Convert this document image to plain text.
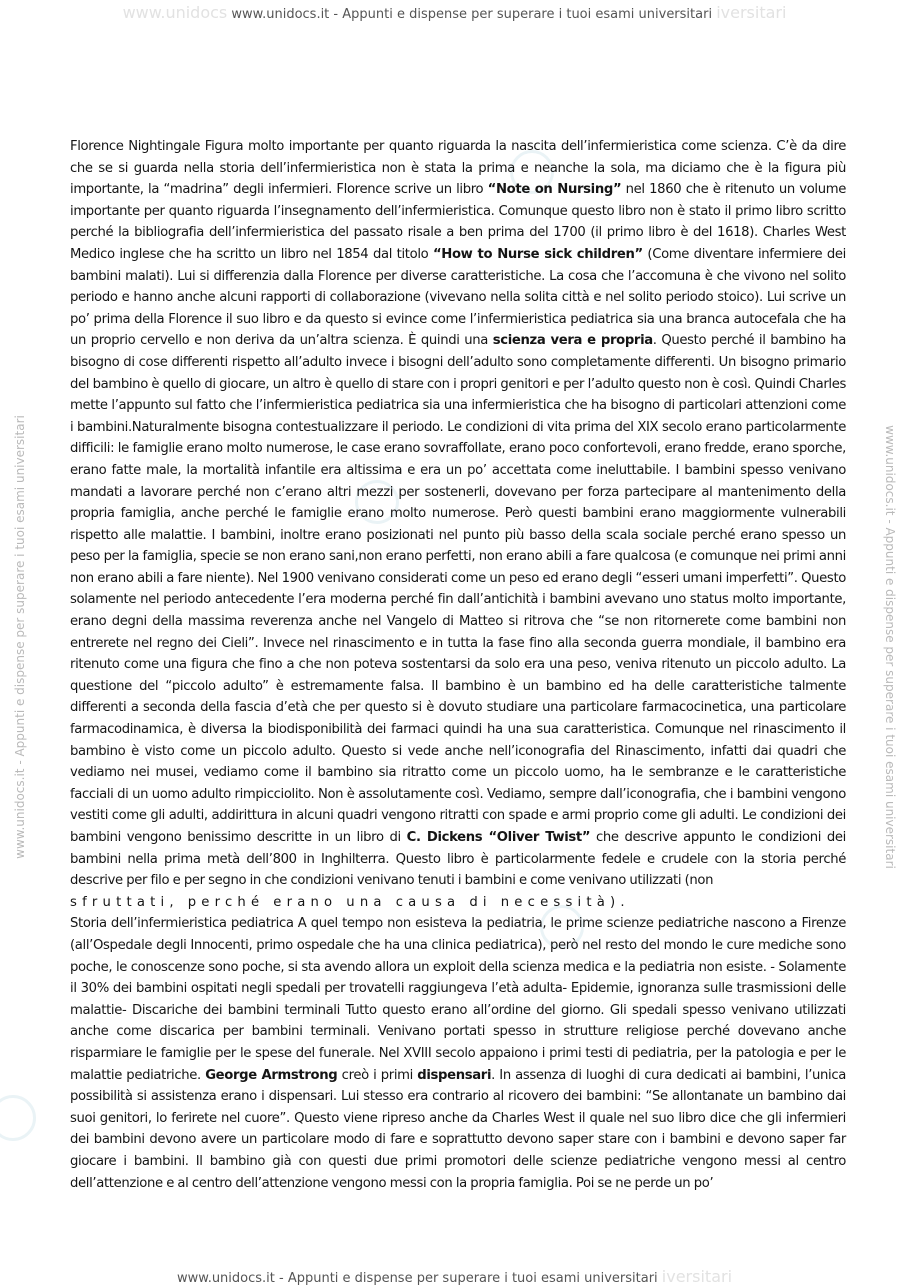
www.unidocs www.unidocs.it - Appunti e dispense per superare i tuoi esami universitari iversitari
www.unidocs.it - Appunti e dispense per superare i tuoi esami universitari	www.unidocs.it - Appunti e dispense per superare i tuoi esami universitari

Florence Nightingale Figura molto importante per quanto riguarda la nascita dell’infermieristica come scienza. C’è da dire che se si guarda nella storia dell’infermieristica non è stata la prima e neanche la sola, ma diciamo che è la figura più importante, la “madrina” degli infermieri. Florence scrive un libro “Note on Nursing” nel 1860 che è ritenuto un volume importante per quanto riguarda l’insegnamento dell’infermieristica. Comunque questo libro non è stato il primo libro scritto perché la bibliografia dell’infermieristica del passato risale a ben prima del 1700 (il primo libro è del 1618). Charles West Medico inglese che ha scritto un libro nel 1854 dal titolo “How to Nurse sick children” (Come diventare infermiere dei bambini malati). Lui si differenzia dalla Florence per diverse caratteristiche. La cosa che l’accomuna è che vivono nel solito periodo e hanno anche alcuni rapporti di collaborazione (vivevano nella solita città e nel solito periodo stoico). Lui scrive un po’ prima della Florence il suo libro e da questo si evince come l’infermieristica pediatrica sia una branca autocefala che ha un proprio cervello e non deriva da un’altra scienza. È quindi una scienza vera e propria. Questo perché il bambino ha bisogno di cose differenti rispetto all’adulto invece i bisogni dell’adulto sono completamente differenti. Un bisogno primario del bambino è quello di giocare, un altro è quello di stare con i propri genitori e per l’adulto questo non è così. Quindi Charles mette l’appunto sul fatto che l’infermieristica pediatrica sia una infermieristica che ha bisogno di particolari attenzioni come i bambini.Naturalmente bisogna contestualizzare il periodo. Le condizioni di vita prima del XIX secolo erano particolarmente difficili: le famiglie erano molto numerose, le case erano sovraffollate, erano poco confortevoli, erano fredde, erano sporche, erano fatte male, la mortalità infantile era altissima e era un po’ accettata come ineluttabile. I bambini spesso venivano mandati a lavorare perché non c’erano altri mezzi per sostenerli, dovevano per forza partecipare al mantenimento della propria famiglia, anche perché le famiglie erano molto numerose. Però questi bambini erano maggiormente vulnerabili rispetto alle malattie. I bambini, inoltre erano posizionati nel punto più basso della scala sociale perché erano spesso un peso per la famiglia, specie se non erano sani,non erano perfetti, non erano abili a fare qualcosa (e comunque nei primi anni non erano abili a fare niente). Nel 1900 venivano considerati come un peso ed erano degli “esseri umani imperfetti”. Questo solamente nel periodo antecedente l’era moderna perché fin dall’antichità i bambini avevano uno status molto importante, erano degni della massima reverenza anche nel Vangelo di Matteo si ritrova che “se non ritornerete come bambini non entrerete nel regno dei Cieli”. Invece nel rinascimento e in tutta la fase fino alla seconda guerra mondiale, il bambino era ritenuto come una figura che fino a che non poteva sostentarsi da solo era una peso, veniva ritenuto un piccolo adulto. La questione del “piccolo adulto” è estremamente falsa. Il bambino è un bambino ed ha delle caratteristiche talmente differenti a seconda della fascia d’età che per questo si è dovuto studiare una particolare farmacocinetica, una particolare farmacodinamica, è diversa la biodisponibilità dei farmaci quindi ha una sua caratteristica. Comunque nel rinascimento il bambino è visto come un piccolo adulto. Questo si vede anche nell’iconografia del Rinascimento, infatti dai quadri che vediamo nei musei, vediamo come il bambino sia ritratto come un piccolo uomo, ha le sembranze e le caratteristiche facciali di un uomo adulto rimpicciolito. Non è assolutamente così. Vediamo, sempre dall’iconografia, che i bambini vengono vestiti come gli adulti, addirittura in alcuni quadri vengono ritratti con spade e armi proprio come gli adulti. Le condizioni dei bambini vengono benissimo descritte in un libro di C. Dickens “Oliver Twist” che descrive appunto le condizioni dei bambini nella prima metà dell’800 in Inghilterra. Questo libro è particolarmente fedele e crudele con la storia perché descrive per filo e per segno in che condizioni venivano tenuti i bambini e come venivano utilizzati (non

sfruttati, perché erano una causa di necessità).

Storia dell’infermieristica pediatrica A quel tempo non esisteva la pediatria, le prime scienze pediatriche nascono a Firenze (all’Ospedale degli Innocenti, primo ospedale che ha una clinica pediatrica), però nel resto del mondo le cure mediche sono poche, le conoscenze sono poche, si sta avendo allora un exploit della scienza medica e la pediatria non esiste. - Solamente il 30% dei bambini ospitati negli spedali per trovatelli raggiungeva l’età adulta- Epidemie, ignoranza sulle trasmissioni delle malattie- Discariche dei bambini terminali Tutto questo erano all’ordine del giorno. Gli spedali spesso venivano utilizzati anche come discarica per bambini terminali. Venivano portati spesso in strutture religiose perché dovevano anche risparmiare le famiglie per le spese del funerale. Nel XVIII secolo appaiono i primi testi di pediatria, per la patologia e per le malattie pediatriche. George Armstrong creò i primi dispensari. In assenza di luoghi di cura dedicati ai bambini, l’unica possibilità si assistenza erano i dispensari. Lui stesso era contrario al ricovero dei bambini: “Se allontanate un bambino dai suoi genitori, lo ferirete nel cuore”. Questo viene ripreso anche da Charles West il quale nel suo libro dice che gli infermieri dei bambini devono avere un particolare modo di fare e soprattutto devono saper stare con i bambini e devono saper far giocare i bambini. Il bambino già con questi due primi promotori delle scienze pediatriche vengono messi al centro dell’attenzione e al centro dell’attenzione vengono messi con la propria famiglia. Poi se ne perde un po’

www.unidocs.it - Appunti e dispense per superare i tuoi esami universitari iversitari
